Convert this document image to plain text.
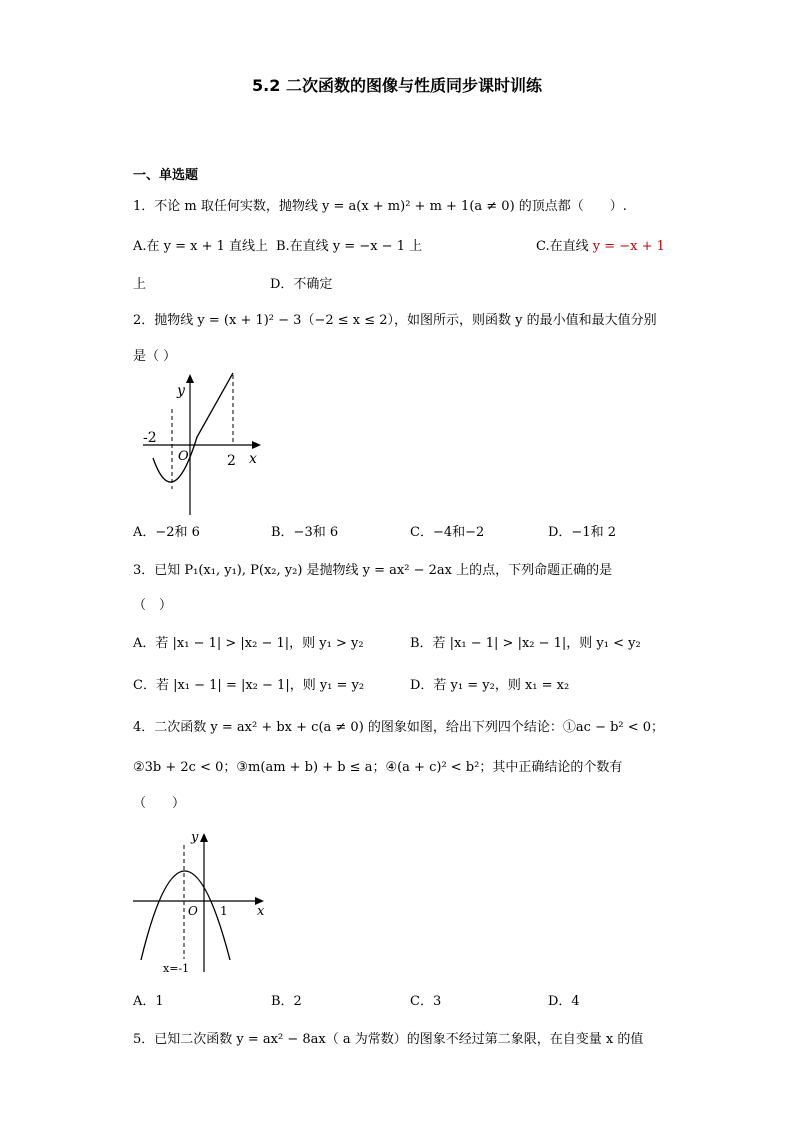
5.2 二次函数的图像与性质同步课时训练
一、单选题
1．不论 m 取任何实数，抛物线 y = a(x + m)² + m + 1(a ≠ 0) 的顶点都（　　）.
A.在 y = x + 1 直线上 B.在直线 y = −x − 1 上	C.在直线 y = −x + 1
上	D．不确定
2．抛物线 y = (x + 1)² − 3（−2 ≤ x ≤ 2），如图所示，则函数 y 的最小值和最大值分别
是（ ）
y
-2
O	2 x
A．−2和 6	B．−3和 6	C．−4和−2	D．−1和 2
3．已知 P₁(x₁, y₁), P(x₂, y₂) 是抛物线 y = ax² − 2ax 上的点，下列命题正确的是
（　）
A．若 |x₁ − 1| > |x₂ − 1|，则 y₁ > y₂	B．若 |x₁ − 1| > |x₂ − 1|，则 y₁ < y₂
C．若 |x₁ − 1| = |x₂ − 1|，则 y₁ = y₂	D．若 y₁ = y₂，则 x₁ = x₂
4．二次函数 y = ax² + bx + c(a ≠ 0) 的图象如图，给出下列四个结论：①ac − b² < 0；
②3b + 2c < 0；③m(am + b) + b ≤ a；④(a + c)² < b²；其中正确结论的个数有
（　　）
y
O 1 x
x=-1
A．1	B．2	C．3	D．4
5．已知二次函数 y = ax² − 8ax（ a 为常数）的图象不经过第二象限，在自变量 x 的值
